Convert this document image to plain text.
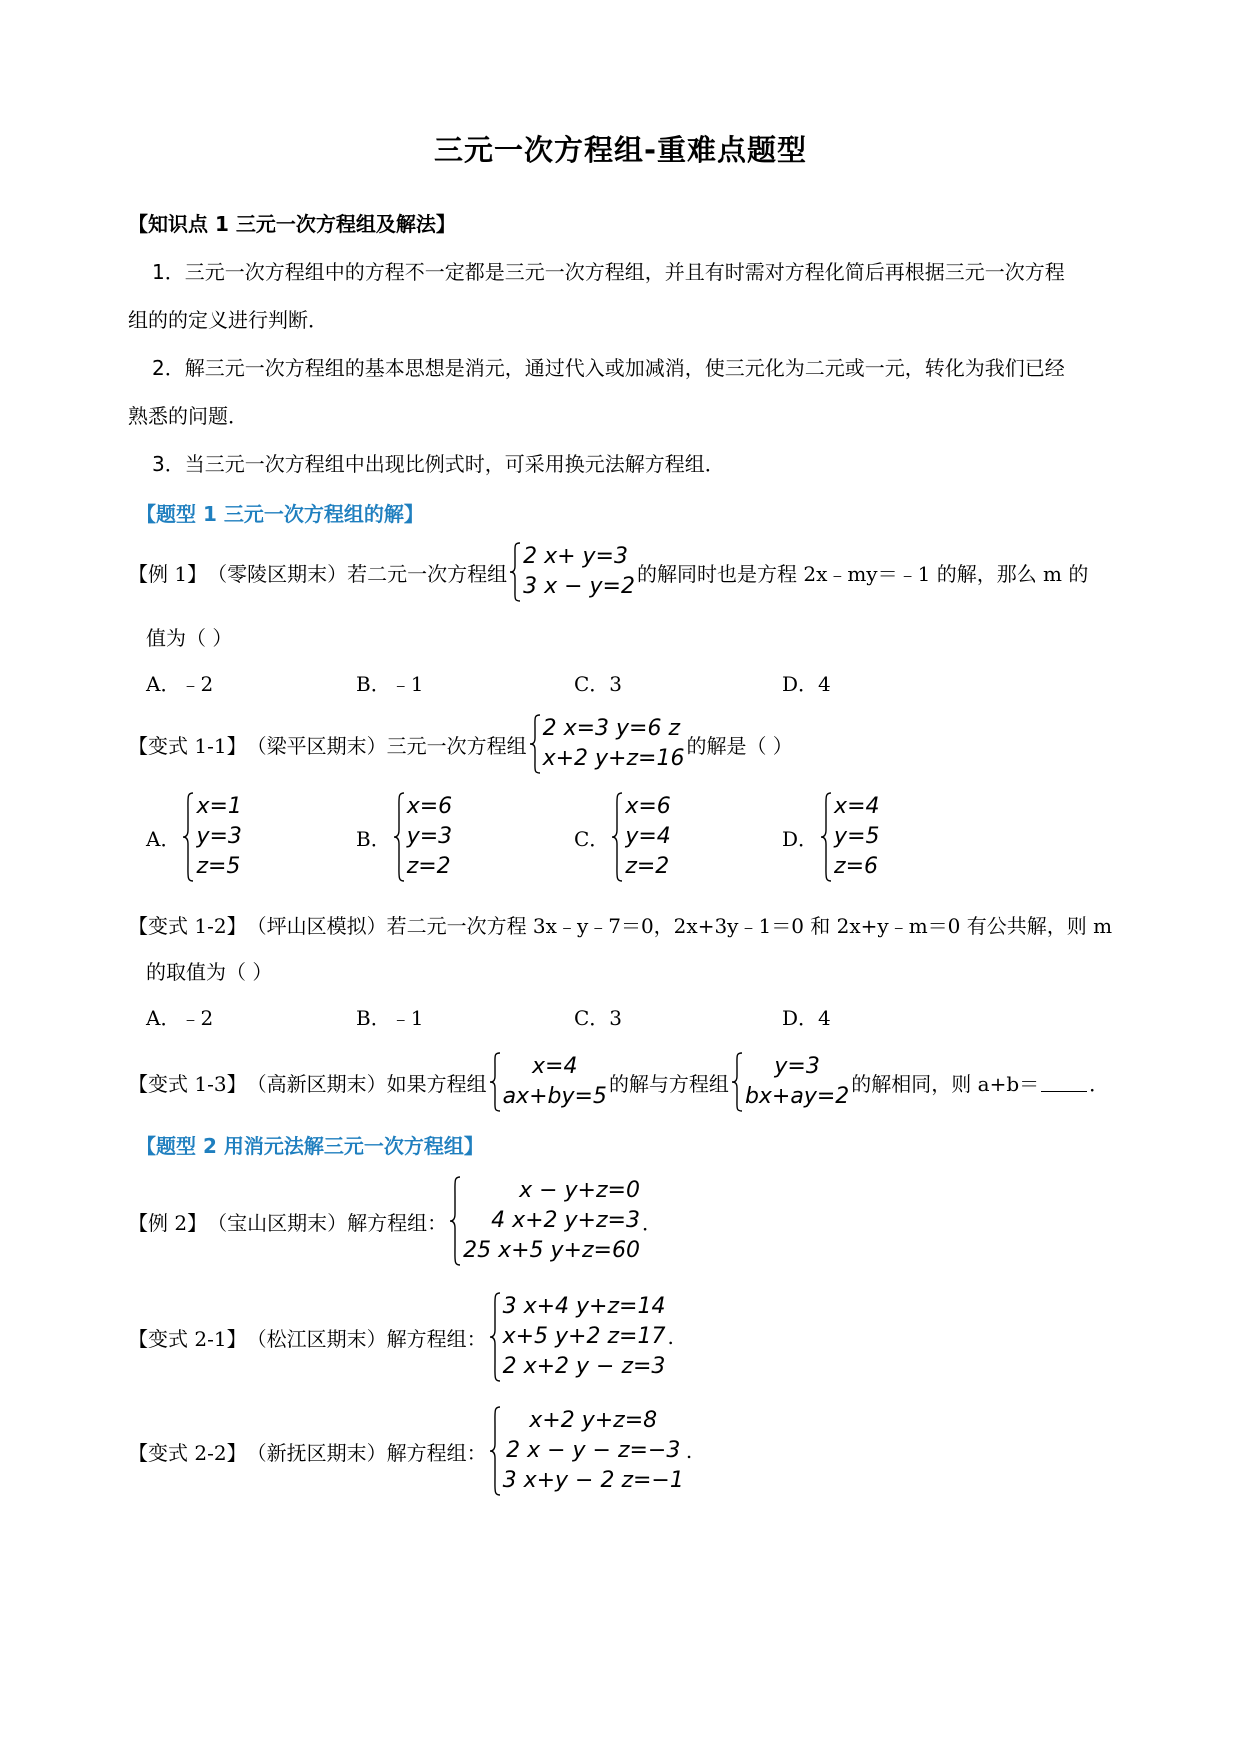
三元一次方程组-重难点题型
【知识点 1 三元一次方程组及解法】
1．三元一次方程组中的方程不一定都是三元一次方程组，并且有时需对方程化简后再根据三元一次方程
组的的定义进行判断．
2．解三元一次方程组的基本思想是消元，通过代入或加减消，使三元化为二元或一元，转化为我们已经
熟悉的问题．
3．当三元一次方程组中出现比例式时，可采用换元法解方程组．
【题型 1 三元一次方程组的解】
【例 1】 （零陵区期末）若二元一次方程组
2 x+ y=3
3 x − y=2
的解同时也是方程 2x﹣my＝﹣1 的解，那么 m 的
值为（ ）
A．﹣2	B．﹣1	C．3	D．4
【变式 1-1】 （梁平区期末）三元一次方程组
2 x=3 y=6 z
x+2 y+z=16
的解是（ ）
A．
x=1
y=3
z=5
B．
x=6
y=3
z=2
C．
x=6
y=4
z=2
D．
x=4
y=5
z=6
【变式 1-2】 （坪山区模拟）若二元一次方程 3x﹣y﹣7＝0，2x+3y﹣1＝0 和 2x+y﹣m＝0 有公共解，则 m
的取值为（ ）
A．﹣2	B．﹣1	C．3	D．4
【变式 1-3】 （高新区期末）如果方程组
x=4
ax+by=5
的解与方程组
y=3
bx+ay=2
的解相同，则 a+b＝	．
【题型 2 用消元法解三元一次方程组】
【例 2】 （宝山区期末）解方程组：
x − y+z=0
4 x+2 y+z=3
25 x+5 y+z=60
．
【变式 2-1】 （松江区期末）解方程组：
3 x+4 y+z=14
x+5 y+2 z=17
2 x+2 y − z=3
.
【变式 2-2】 （新抚区期末）解方程组：
x+2 y+z=8
2 x − y − z=−3
3 x+y − 2 z=−1
.
